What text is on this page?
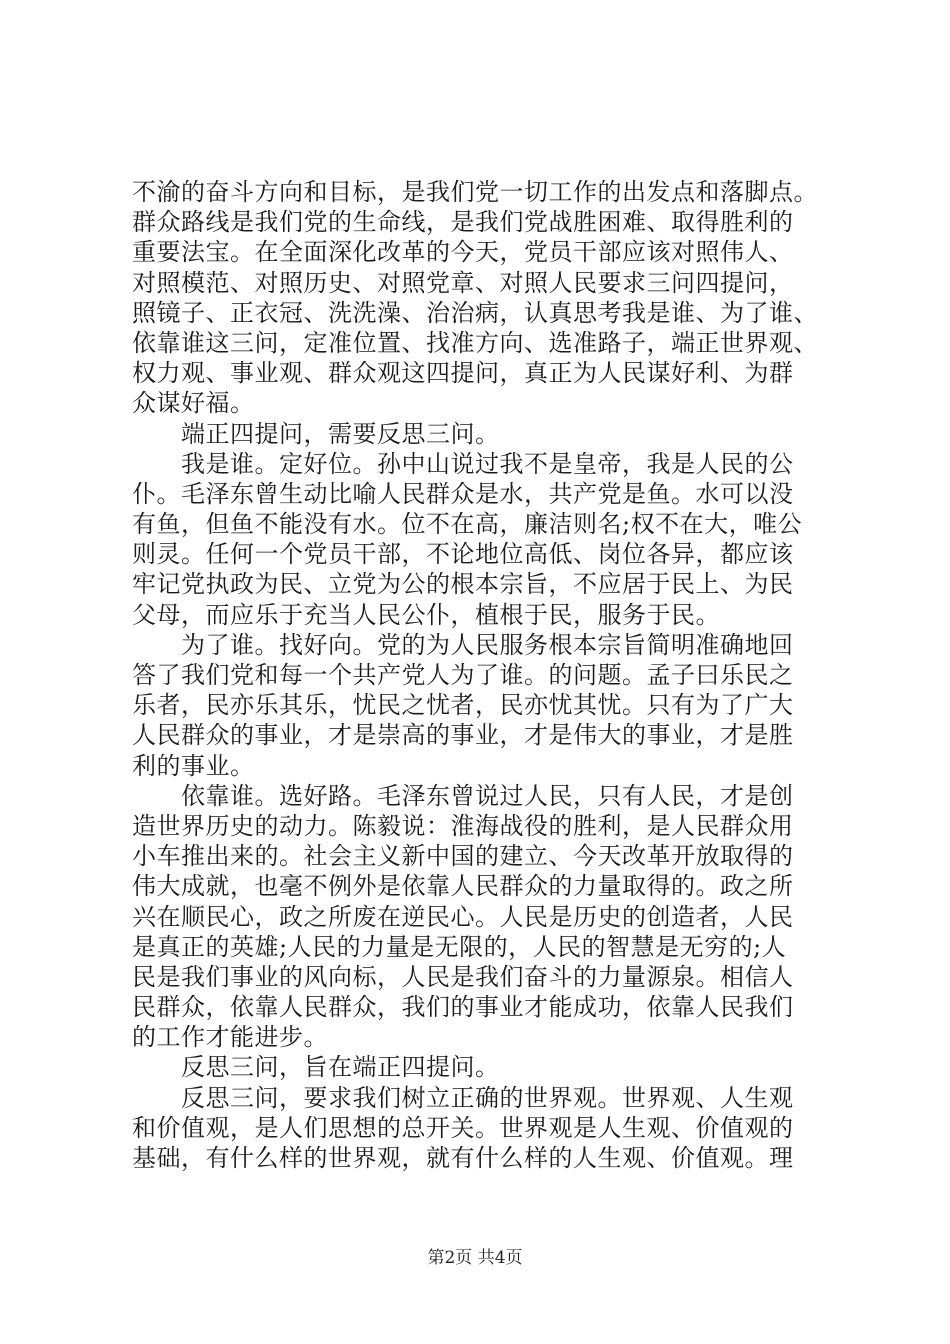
不渝的奋斗方向和目标，是我们党一切工作的出发点和落脚点。
群众路线是我们党的生命线，是我们党战胜困难、取得胜利的
重要法宝。在全面深化改革的今天，党员干部应该对照伟人、
对照模范、对照历史、对照党章、对照人民要求三问四提问，
照镜子、正衣冠、洗洗澡、治治病，认真思考我是谁、为了谁、
依靠谁这三问，定准位置、找准方向、选准路子，端正世界观、
权力观、事业观、群众观这四提问，真正为人民谋好利、为群
众谋好福。
端正四提问，需要反思三问。
我是谁。定好位。孙中山说过我不是皇帝，我是人民的公
仆。毛泽东曾生动比喻人民群众是水，共产党是鱼。水可以没
有鱼，但鱼不能没有水。位不在高，廉洁则名;权不在大，唯公
则灵。任何一个党员干部，不论地位高低、岗位各异，都应该
牢记党执政为民、立党为公的根本宗旨，不应居于民上、为民
父母，而应乐于充当人民公仆，植根于民，服务于民。
为了谁。找好向。党的为人民服务根本宗旨简明准确地回
答了我们党和每一个共产党人为了谁。的问题。孟子曰乐民之
乐者，民亦乐其乐，忧民之忧者，民亦忧其忧。只有为了广大
人民群众的事业，才是崇高的事业，才是伟大的事业，才是胜
利的事业。
依靠谁。选好路。毛泽东曾说过人民，只有人民，才是创
造世界历史的动力。陈毅说：淮海战役的胜利，是人民群众用
小车推出来的。社会主义新中国的建立、今天改革开放取得的
伟大成就，也毫不例外是依靠人民群众的力量取得的。政之所
兴在顺民心，政之所废在逆民心。人民是历史的创造者，人民
是真正的英雄;人民的力量是无限的，人民的智慧是无穷的;人
民是我们事业的风向标，人民是我们奋斗的力量源泉。相信人
民群众，依靠人民群众，我们的事业才能成功，依靠人民我们
的工作才能进步。
反思三问，旨在端正四提问。
反思三问，要求我们树立正确的世界观。世界观、人生观
和价值观，是人们思想的总开关。世界观是人生观、价值观的
基础，有什么样的世界观，就有什么样的人生观、价值观。理
第2页 共4页
